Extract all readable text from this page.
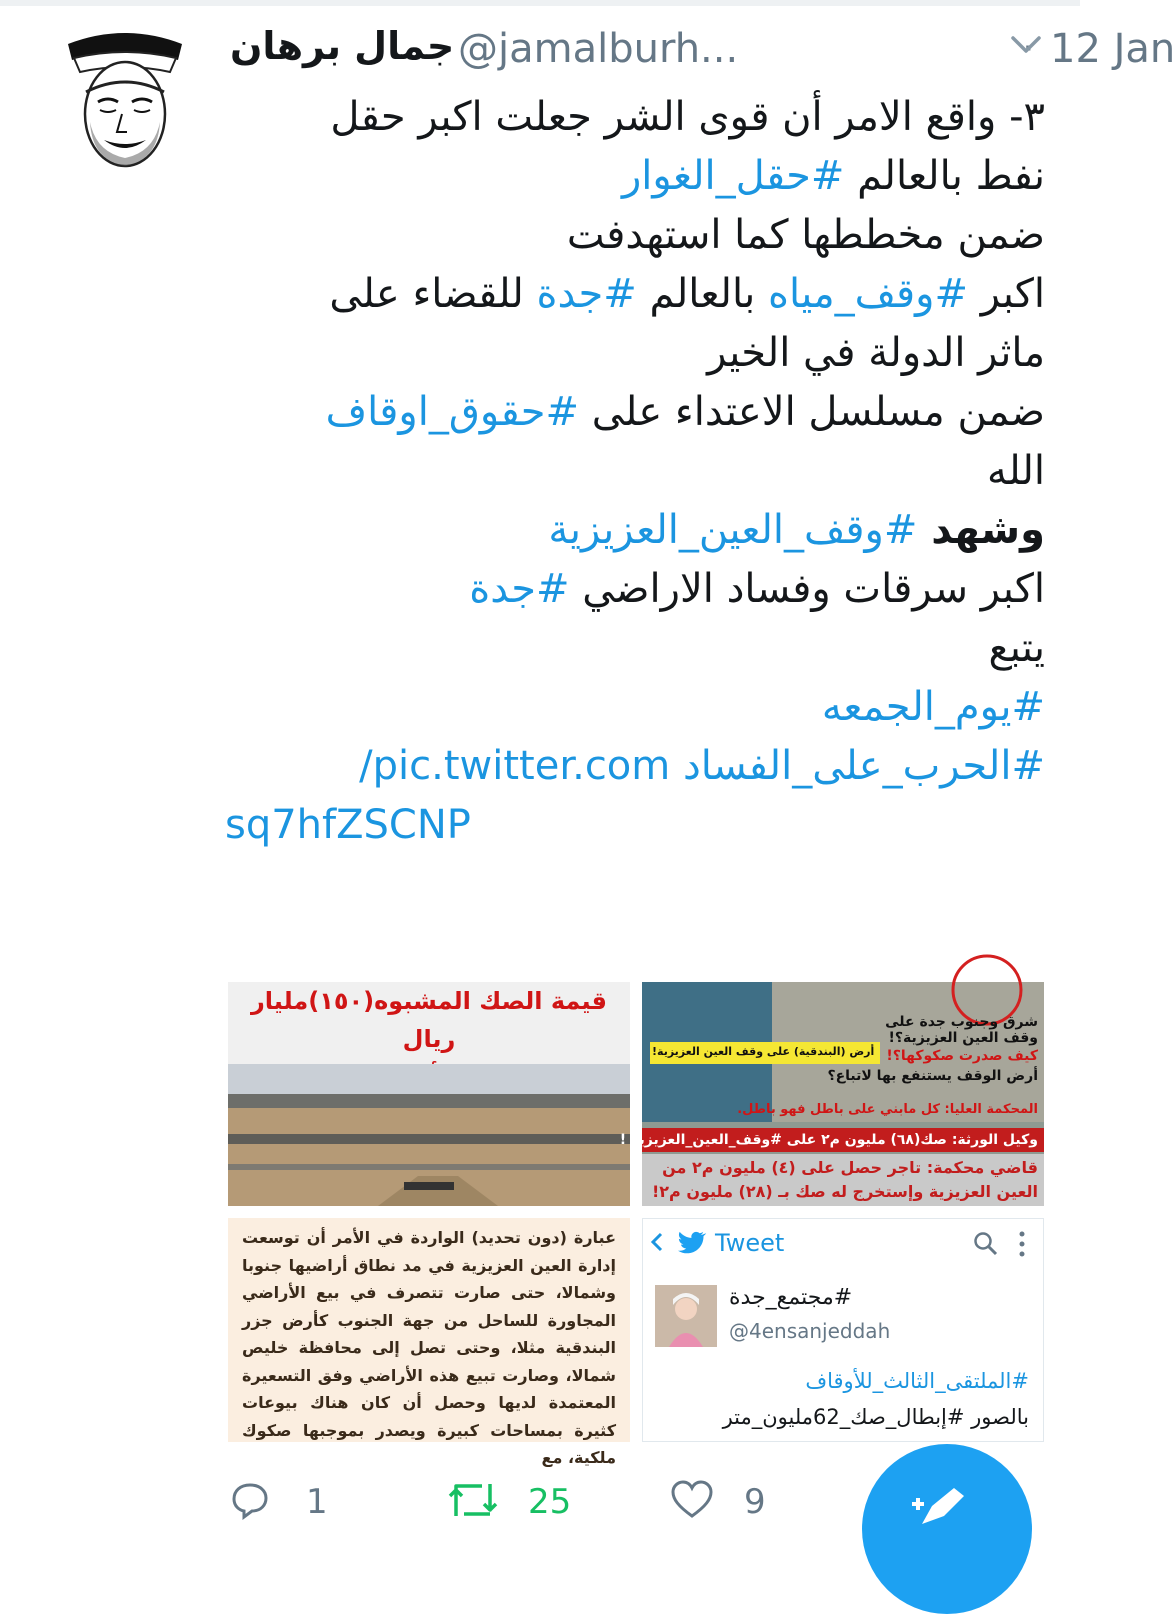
جمال برهان @jamalburh...	· 12 Jan
٣- واقع الامر أن قوى الشر جعلت اكبر حقل
نفط بالعالم #حقل_الغوار
ضمن مخططها كما استهدفت
اكبر #وقف_مياه بالعالم #جدة للقضاء على
ماثر الدولة في الخير
ضمن مسلسل الاعتداء على #حقوق_اوقاف
الله
وشهد #وقف_العين_العزيزية
اكبر سرقات وفساد الاراضي #جدة
يتبع
#يوم_الجمعه
#الحرب_على_الفساد pic.twitter.com/
sq7hfZSCNP
قيمة الصك المشبوه(١٥٠)مليار ريال
شرق وجنوب جدة على
وقف العين العزيزية؟!
أرض (البندقية) على وقف العين العزيزية! كيف صدرت صكوكها؟!
أرض الوقف يستنفع بها لاتباع؟
المحكمة العليا: كل مابني على باطل فهو باطل.
وكيل الورثة: صك(٦٨) مليون م٢ على #وقف_العين_العزيزية !
قاضي محكمة: تاجر حصل على (٤) مليون م٢ من
العين العزيزية وإستخرج له صك بـ (٢٨) مليون م٢!
عبارة (دون تحديد) الواردة في الأمر أن توسعت إدارة العين العزيزية في مد نطاق أراضيها جنوبا وشمالا، حتى صارت تتصرف في بيع الأراضي المجاورة للساحل من جهة الجنوب كأرض جزر البندقية مثلا، وحتى تصل إلى محافظة خليص شمالا، وصارت تبيع هذه الأراضي وفق التسعيرة المعتمدة لديها وحصل أن كان هناك بيوعات كثيرة بمساحات كبيرة ويصدر بموجبها صكوك ملكية، مع
Tweet
#مجتمع_جدة
@4ensanjeddah
#الملتقى_الثالث_للأوقاف
بالصور #إبطال_صك_62مليون_متر
1	25	9
